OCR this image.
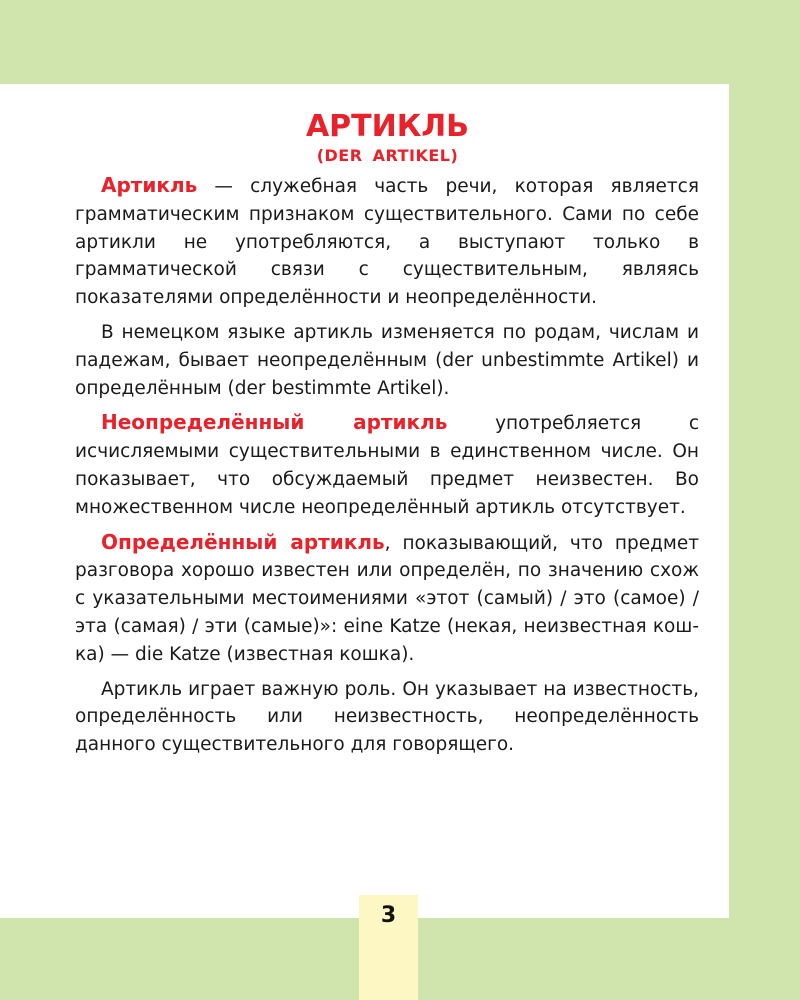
АРТИКЛЬ
(DER ARTIKEL)

Артикль — служебная часть речи, которая является грамматическим признаком существительного. Сами по себе артикли не употребляются, а выступают только в грамматической связи с существительным, являясь показателями определённости и неопределённости.

В немецком языке артикль изменяется по родам, числам и падежам, бывает неопределённым (der unbestimmte Artikel) и определённым (der bestimmte Artikel).

Неопределённый артикль употребляется с исчисляемыми существительными в единственном числе. Он показывает, что обсуждаемый предмет неизвестен. Во множественном числе неопределённый артикль отсутствует.

Определённый артикль, показывающий, что предмет разговора хорошо известен или определён, по значению схож с указательными местоимениями «этот (самый) / это (самое) / эта (самая) / эти (самые)»: eine Katze (некая, неизвестная кошка) — die Katze (известная кошка).

Артикль играет важную роль. Он указывает на известность, определённость или неизвестность, неопределённость данного существительного для говорящего.

3
